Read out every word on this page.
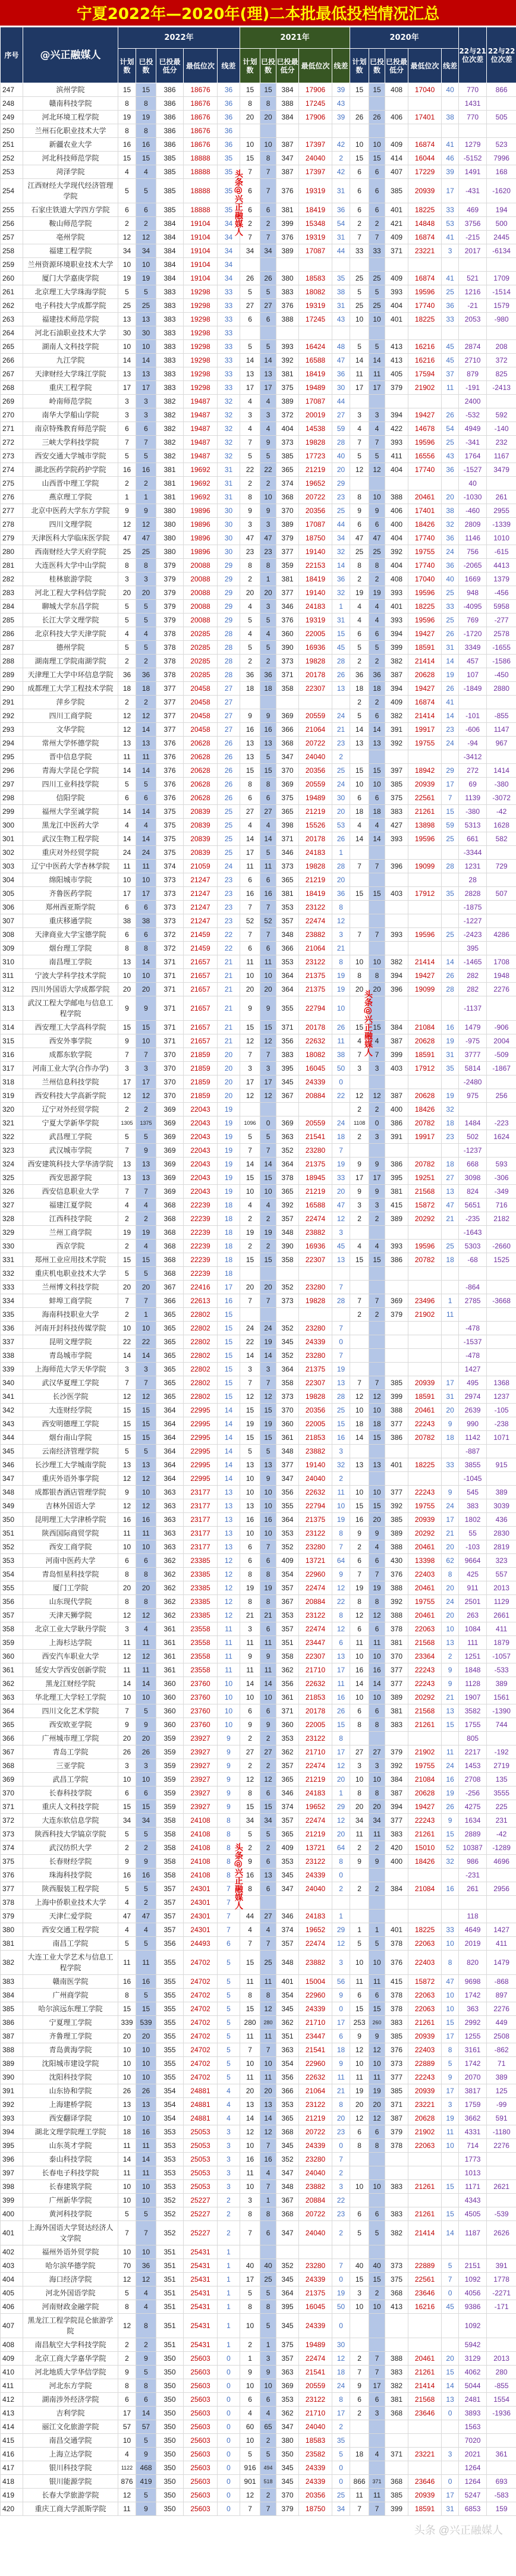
宁夏2022年—2020年(理)二本批最低投档情况汇总
序号	@兴正融媒人	2022年					2021年					2020年					22与21位次差	22与22位次差
		计划数	已投数	已投最低分	最低位次	线差	计划数	已投数	已投最低分	最低位次	线差	计划数	已投数	已投最低分	最低位次	线差		
247	滨州学院	15	15	386	18676	36	15	15	384	17906	39	15	15	408	17040	40	770	866
248	赣南科技学院	8	8	386	18676	36	8	8	388	17245	43						1431	
249	河北环境工程学院	19	19	386	18676	36	20	20	384	17906	39	26	26	406	17401	38	770	505
250	兰州石化职业技术大学	8	8	386	18676	36												
251	新疆农业大学	16	16	386	18676	36	10	10	387	17397	42	10	10	409	16874	41	1279	523
252	河北科技师范学院	15	15	385	18888	35	15	8	347	24040	2	15	15	414	16044	46	-5152	7996
253	菏泽学院	4	4	385	18888	35	7	7	387	17397	42	6	6	407	17229	39	1491	168
254	江西财经大学现代经济管理学院	5	5	385	18888	35	6	7	376	19319	31	6	6	385	20939	17	-431	-1620
255	石家庄铁道大学四方学院	6	6	385	18888	35	6	6	381	18419	36	6	6	401	18225	33	469	194
256	鞍山师范学院	2	2	384	19104	34	2	2	399	15348	54	2	2	421	14848	53	3756	500
257	亳州学院	12	12	384	19104	34	7	7	376	19319	31	7	7	409	16874	41	-215	2445
258	福建工程学院	34	34	384	19104	34	34	34	389	17087	44	33	33	371	23221	3	2017	-6134
259	兰州资源环境职业技术大学	10	10	384	19104	34												
260	厦门大学嘉庚学院	19	19	384	19104	34	26	26	380	18583	35	25	25	409	16874	41	521	1709
261	北京理工大学珠海学院	5	5	383	19298	33	5	5	383	18082	38	5	5	393	19596	25	1216	-1514
262	电子科技大学成都学院	25	25	383	19298	33	27	27	376	19319	31	25	25	404	17740	36	-21	1579
263	福建技术师范学院	13	13	383	19298	33	6	6	388	17245	43	10	10	401	18225	33	2053	-980
264	河北石油职业技术大学	30	30	383	19298	33												
265	湖南人文科技学院	10	10	383	19298	33	5	5	393	16424	48	5	5	413	16216	45	2874	208
266	九江学院	14	14	383	19298	33	14	14	392	16588	47	14	14	413	16216	45	2710	372
267	天津财经大学珠江学院	13	13	383	19298	33	13	13	381	18419	36	11	11	405	17594	37	879	825
268	重庆工程学院	17	17	383	19298	33	17	17	375	19489	30	17	17	379	21902	11	-191	-2413
269	岭南师范学院	3	3	382	19487	32	4	4	389	17087	44						2400	
270	南华大学船山学院	3	3	382	19487	32	3	3	372	20019	27	3	3	394	19427	26	-532	592
271	南京特殊教育师范学院	6	6	382	19487	32	4	4	404	14538	59	4	4	422	14678	54	4949	-140
272	三峡大学科技学院	7	7	382	19487	32	7	9	373	19828	28	7	7	393	19596	25	-341	232
273	西安交通大学城市学院	5	5	382	19487	32	5	5	385	17723	40	5	5	411	16556	43	1764	1167
274	湖北医药学院药护学院	16	16	381	19692	31	22	22	365	21219	20	12	12	404	17740	36	-1527	3479
275	山西晋中理工学院	2	2	381	19692	31	2	2	374	19652	29						40	
276	燕京理工学院	1	1	381	19692	31	8	10	368	20722	23	8	10	388	20461	20	-1030	261
277	北京中医药大学东方学院	9	9	380	19896	30	9	9	370	20356	25	9	9	406	17401	38	-460	2955
278	四川文理学院	12	12	380	19896	30	3	3	389	17087	44	6	6	400	18426	32	2809	-1339
279	天津医科大学临床医学院	47	47	380	19896	30	47	47	379	18750	34	47	47	404	17740	36	1146	1010
280	西南财经大学天府学院	25	25	380	19896	30	23	23	377	19140	32	25	25	392	19755	24	756	-615
281	大连医科大学中山学院	8	8	379	20088	29	8	8	359	22153	14	8	8	404	17740	36	-2065	4413
282	桂林旅游学院	3	3	379	20088	29	2	1	381	18419	36	2	2	408	17040	40	1669	1379
283	河北工程大学科信学院	20	20	379	20088	29	20	20	377	19140	32	19	19	393	19596	25	948	-456
284	聊城大学东昌学院	5	5	379	20088	29	4	3	346	24183	1	4	4	401	18225	33	-4095	5958
285	长江大学文理学院	5	5	379	20088	29	5	5	376	19319	31	4	4	393	19596	25	769	-277
286	北京科技大学天津学院	4	4	378	20285	28	4	4	360	22005	15	6	6	394	19427	26	-1720	2578
287	德州学院	5	5	378	20285	28	5	5	390	16936	45	5	5	399	18591	31	3349	-1655
288	湖南理工学院南湖学院	2	2	378	20285	28	2	2	373	19828	28	2	2	382	21414	14	457	-1586
289	天津理工大学中环信息学院	36	36	378	20285	28	36	36	371	20178	26	36	36	387	20628	19	107	-450
290	成都理工大学工程技术学院	18	18	377	20458	27	18	18	358	22307	13	18	18	394	19427	26	-1849	2880
291	萍乡学院	2	2	377	20458	27						2	2	409	16874	41		
292	四川工商学院	12	12	377	20458	27	9	9	369	20559	24	5	6	382	21414	14	-101	-855
293	文华学院	12	14	377	20458	27	16	16	366	21064	21	14	14	391	19917	23	-606	1147
294	常州大学怀德学院	13	13	376	20628	26	13	13	368	20722	23	13	13	392	19755	24	-94	967
295	晋中信息学院	11	11	376	20628	26	13	5	347	24040	2						-3412	
296	青海大学昆仑学院	14	14	376	20628	26	15	15	370	20356	25	15	15	397	18942	29	272	1414
297	四川工业科技学院	5	5	376	20628	26	8	8	369	20559	24	10	10	385	20939	17	69	-380
298	信阳学院	6	6	376	20628	26	6	6	375	19489	30	6	6	375	22561	7	1139	-3072
299	福州大学至诚学院	14	14	375	20839	25	27	27	365	21219	20	18	18	383	21261	15	-380	-42
300	黑龙江中医药大学	4	4	375	20839	25	4	4	398	15526	53	4	4	427	13898	59	5313	1628
301	武汉生物工程学院	14	14	375	20839	25	14	14	371	20178	26	14	14	393	19596	25	661	582
302	重庆对外经贸学院	24	24	375	20839	25	17	5	346	24183	1						-3344	
303	辽宁中医药大学杏林学院	11	11	374	21059	24	11	11	373	19828	28	7	7	396	19099	28	1231	729
304	绵阳城市学院	10	10	373	21247	23	6	6	365	21219	20						28	
305	齐鲁医药学院	17	17	373	21247	23	16	16	381	18419	36	15	15	403	17912	35	2828	507
306	郑州西亚斯学院	6	6	373	21247	23	7	7	353	23122	8						-1875	
307	重庆移通学院	38	38	373	21247	23	52	52	357	22474	12						-1227	
308	天津商业大学宝德学院	6	6	372	21459	22	7	7	348	23882	3	7	7	393	19596	25	-2423	4286
309	烟台理工学院	8	8	372	21459	22	6	6	366	21064	21						395	
310	南昌理工学院	13	14	371	21657	21	11	11	353	23122	8	10	10	382	21414	14	-1465	1708
311	宁波大学科学技术学院	10	10	371	21657	21	10	10	364	21375	19	8	8	394	19427	26	282	1948
312	四川外国语大学成都学院	20	20	371	21657	21	20	20	364	21375	19	20	20	396	19099	28	282	2276
313	武汉工程大学邮电与信息工程学院	9	9	371	21657	21	9	9	355	22794	10						-1137	
314	西安理工大学高科学院	15	15	371	21657	21	15	15	371	20178	26	15	15	384	21084	16	1479	-906
315	西安外事学院	9	10	371	21657	21	12	12	356	22632	11	4	4	387	20628	19	-975	2004
316	成都东软学院	7	7	370	21859	20	7	7	383	18082	38	7	7	399	18591	31	3777	-509
317	河南工业大学(合作办学)	3	3	370	21859	20	3	3	395	16045	50	3	3	403	17912	35	5814	-1867
318	兰州信息科技学院	17	17	370	21859	20	17	17	345	24339	0						-2480	
319	西安科技大学高新学院	12	12	370	21859	20	12	12	367	20884	22	12	12	387	20628	19	975	256
320	辽宁对外经贸学院	2	2	369	22043	19						2	2	400	18426	32		
321	宁夏大学新华学院	1305	1375	369	22043	19	1096	0	369	20559	24	1108	0	386	20782	18	1484	-223
322	武昌理工学院	5	5	369	22043	19	5	5	363	21541	18	2	3	391	19917	23	502	1624
323	武汉城市学院	7	9	369	22043	19	7	7	352	23280	7						-1237	
324	西安建筑科技大学华清学院	13	13	369	22043	19	14	14	364	21375	19	9	9	386	20782	18	668	593
325	西安思源学院	13	13	369	22043	19	15	15	378	18945	33	17	17	395	19251	27	3098	-306
326	西安信息职业大学	7	7	369	22043	19	10	10	365	21219	20	9	9	381	21568	13	824	-349
327	福建江夏学院	4	4	368	22239	18	4	4	392	16588	47	3	3	415	15872	47	5651	716
328	江西科技学院	2	2	368	22239	18	2	2	357	22474	12	2	2	389	20292	21	-235	2182
329	兰州工商学院	19	19	368	22239	18	19	19	348	23882	3						-1643	
330	西京学院	2	4	368	22239	18	2	2	390	16936	45	4	4	393	19596	25	5303	-2660
331	郑州工业应用技术学院	15	15	368	22239	18	15	15	358	22307	13	15	15	386	20782	18	-68	1525
332	重庆机电职业技术大学	5	5	368	22239	18												
333	兰州博文科技学院	20	20	367	22416	17	20	20	352	23280	7						-864	
334	蚌埠工商学院	7	7	366	22613	16	7	7	373	19828	28	7	7	369	23496	1	2785	-3668
335	海南科技职业大学	2	1	365	22802	15						2	2	379	21902	11		
336	河南开封科技传媒学院	10	10	365	22802	15	24	24	352	23280	7						-478	
337	昆明文理学院	22	22	365	22802	15	22	19	345	24339	0						-1537	
338	青岛城市学院	14	14	365	22802	15	14	14	352	23280	7						-478	
339	上海师范大学天华学院	3	3	365	22802	15	3	3	364	21375	19						1427	
340	武汉华夏理工学院	7	7	365	22802	15	7	7	358	22307	13	7	7	385	20939	17	495	1368
341	长沙医学院	12	12	365	22802	15	12	12	373	19828	28	12	12	399	18591	31	2974	1237
342	大连财经学院	15	15	364	22995	14	15	15	370	20356	25	10	10	388	20461	20	2639	-105
343	西安明德理工学院	15	15	364	22995	14	19	19	360	22005	15	18	18	377	22243	9	990	-238
344	烟台南山学院	15	15	364	22995	14	15	15	361	21853	16	14	15	386	20782	18	1142	1071
345	云南经济管理学院	5	5	364	22995	14	5	5	348	23882	3						-887	
346	长沙理工大学城南学院	13	13	364	22995	14	13	13	377	19140	32	13	13	401	18225	33	3855	915
347	重庆外语外事学院	12	12	364	22995	14	10	9	347	24040	2						-1045	
348	成都银杏酒店管理学院	9	10	363	23177	13	10	10	356	22632	11	10	10	377	22243	9	545	389
349	吉林外国语大学	12	12	363	23177	13	13	10	355	22794	10	15	15	392	19755	24	383	3039
350	昆明理工大学津桥学院	16	16	363	23177	13	16	16	364	21375	19	16	20	385	20939	17	1802	436
351	陕西国际商贸学院	11	11	363	23177	13	10	10	353	23122	8	9	9	389	20292	21	55	2830
352	西安工商学院	10	10	363	23177	13	6	7	352	23280	7	2	4	388	20461	20	-103	2819
353	河南中医药大学	6	6	362	23385	12	6	6	409	13721	64	6	6	430	13398	62	9664	323
354	青岛恒星科技学院	8	8	362	23385	12	8	8	354	22960	9	7	7	376	22403	8	425	557
355	厦门工学院	20	20	362	23385	12	19	19	357	22474	12	19	19	388	20461	20	911	2013
356	山东现代学院	8	8	362	23385	12	8	8	367	20884	22	8	8	392	19755	24	2501	1129
357	天津天狮学院	12	12	362	23385	12	21	21	353	23122	8	12	12	388	20461	20	263	2661
358	北京工业大学耿丹学院	3	4	361	23558	11	3	6	357	22474	12	6	6	378	22063	10	1084	411
359	上海杉达学院	11	11	361	23558	11	11	11	351	23447	6	11	11	381	21568	13	111	1879
360	西安汽车职业大学	12	12	361	23558	11	9	9	358	22307	13	10	10	370	23364	2	1251	-1057
361	延安大学西安创新学院	11	11	361	23558	11	11	11	362	21710	17	16	16	377	22243	9	1848	-533
362	黑龙江财经学院	14	14	360	23760	10	14	14	356	22632	11	14	14	377	22243	9	1128	389
363	华北理工大学轻工学院	10	10	360	23760	10	10	10	361	21853	16	10	10	389	20292	21	1907	1561
364	四川文化艺术学院	7	5	360	23760	10	6	6	371	20178	26	6	6	381	21568	13	3582	-1390
365	西安欧亚学院	9	9	360	23760	10	9	9	360	22005	15	8	8	383	21261	15	1755	744
366	广州城市理工学院	20	20	359	23927	9	2	2	353	23122	8						805	
367	青岛工学院	26	26	359	23927	9	27	27	362	21710	17	27	27	379	21902	11	2217	-192
368	三亚学院	3	3	359	23927	9	2	2	357	22474	12	3	3	392	19755	24	1453	2719
369	武昌工学院	10	10	359	23927	9	12	12	365	21219	20	10	10	384	21084	16	2708	135
370	长春科技学院	6	6	359	23927	9	8	6	346	24183	1	8	8	387	20628	19	-256	3555
371	重庆人文科技学院	15	15	359	23927	9	15	15	374	19652	29	20	20	394	19427	26	4275	225
372	大连东软信息学院	34	34	358	24108	8	34	34	357	22474	12	34	34	377	22243	9	1634	231
373	陕西科技大学镐京学院	5	5	358	24108	8	5	5	365	21219	20	11	11	383	21261	15	2889	-42
374	武汉纺织大学	2	2	358	24108	8	2	2	409	13721	64	2	2	420	15010	52	10387	-1289
375	长春财经学院	9	9	358	24108	8	9	6	353	23122	8	9	9	400	18426	32	986	4696
376	珠海科技学院	16	16	358	24108	8	16	13	345	24339	0						-231	
377	陕西服装工程学院	5	5	357	24301	7	8	6	347	24040	2	2	2	384	21084	16	261	2956
378	上海中侨职业技术大学	4	2	357	24301	7												
379	天津仁爱学院	47	47	357	24301	7	44	27	346	24183	1						118	
380	西安交通工程学院	4	4	357	24301	7	4	4	374	19652	29	1	1	401	18225	33	4649	1427
381	南昌工学院	5	5	356	24493	6	7	7	357	22474	12	5	5	378	22063	10	2019	411
382	大连工业大学艺术与信息工程学院	11	11	355	24702	5	15	25	348	23882	3	10	10	376	22403	8	820	1479
383	赣南医学院	16	16	355	24702	5	11	11	401	15004	56	11	11	415	15872	47	9698	-868
384	广州商学院	8	5	355	24702	5	8	8	354	22960	9	6	6	378	22063	10	1742	897
385	哈尔滨远东理工学院	15	15	355	24702	5	15	12	345	24339	0	15	15	378	22063	10	363	2276
386	宁夏理工学院	339	539	355	24702	5	280	280	362	21710	17	253	260	383	21261	15	2992	449
387	齐鲁理工学院	20	20	355	24702	5	11	11	351	23447	6	9	9	385	20939	17	1255	2508
388	青岛黄海学院	10	10	355	24702	5	7	7	363	21541	18	12	12	376	22403	8	3161	-862
389	沈阳城市建设学院	10	10	355	24702	5	10	10	354	22960	9	10	10	373	22889	5	1742	71
390	沈阳科技学院	10	10	355	24702	5	11	11	356	22632	11	11	11	377	22243	9	2070	389
391	山东协和学院	26	26	354	24881	4	20	20	366	21064	21	19	19	385	20939	17	3817	125
392	上海建桥学院	13	13	354	24881	4	13	13	353	23122	8	20	20	371	23221	3	1759	-99
393	西安翻译学院	10	10	354	24881	4	14	14	365	21219	20	12	12	387	20628	19	3662	591
394	湖北文理学院理工学院	18	16	353	25053	3	12	12	368	20722	23	6	6	379	21902	11	4331	-1180
395	山东英才学院	11	11	353	25053	3	10	7	345	24339	0	8	8	378	22063	10	714	2276
396	泰山科技学院	14	14	353	25053	3	16	16	352	23280	7						1773	
397	长春电子科技学院	11	11	353	25053	3	11	4	347	24040	2						1013	
398	长春建筑学院	10	10	353	25053	3	10	7	348	23882	3	10	10	383	21261	15	1171	2621
399	广州新华学院	10	10	352	25227	2	3	1	367	20884	22						4343	
400	黄河科技学院	5	5	352	25227	2	8	8	368	20722	23	6	6	383	21261	15	4505	-539
401	上海外国语大学贤达经济人文学院	7	7	352	25227	2	7	6	347	24040	2	5	5	382	21414	14	1187	2626
402	福州外语外贸学院	10	10	351	25431	1												
403	哈尔滨华德学院	70	36	351	25431	1	40	40	352	23280	7	40	40	373	22889	5	2151	391
404	海口经济学院	12	12	351	25431	1	17	25	345	24339	0	15	15	375	22561	7	1092	1778
405	河北外国语学院	5	4	351	25431	1	5	5	364	21375	19	3	2	368	23646	0	4056	-2271
406	河南财政金融学院	8	4	351	25431	1	8	8	395	16045	50	10	10	413	16216	45	9386	-171
407	黑龙江工程学院昆仑旅游学院	12	8	351	25431	1	10	5	345	24339	0						1092	
408	南昌航空大学科技学院	2	2	351	25431	1	2	1	375	19489	30						5942	
409	北京工商大学嘉华学院	2	9	350	25603	0	1	3	357	22474	12	2	7	388	20461	20	3129	2013
410	河北地质大学华信学院	9	5	350	25603	0	9	9	363	21541	18	7	7	383	21261	15	4062	280
411	河北东方学院	8	8	350	25603	0	10	10	369	20559	24	9	17	382	21414	14	5044	-855
412	湖南涉外经济学院	6	6	350	25603	0	6	6	353	23122	8	6	6	381	21568	13	2481	1554
413	吉利学院	17	14	350	25603	0	4	4	362	21710	17	2	3	368	23646	0	3893	-1936
414	丽江文化旅游学院	57	57	350	25603	0	60	65	347	24040	2						1563	
415	南昌交通学院	10	5	350	25603	0	10	2	380	18583	35						7020	
416	上海立达学院	4	9	350	25603	0	5	5	350	23582	5	18	4	371	23221	3	2021	361
417	银川科技学院	1122	468	350	25603	0	916	494	345	24339	0						1264	
418	银川能源学院	876	419	350	25603	0	901	518	345	24339	0	866	371	368	23646	0	1264	693
419	长春大学旅游学院	12	5	350	25603	0	12	2	370	20356	25	11	11	385	20939	17	5247	-583
420	重庆工商大学派斯学院	11	9	350	25603	0	7	7	379	18750	34	7	7	399	18591	31	6853	159
头条@兴正融媒人
头条@兴正融媒人
头条@兴正融媒人
头条 @兴正融媒人
